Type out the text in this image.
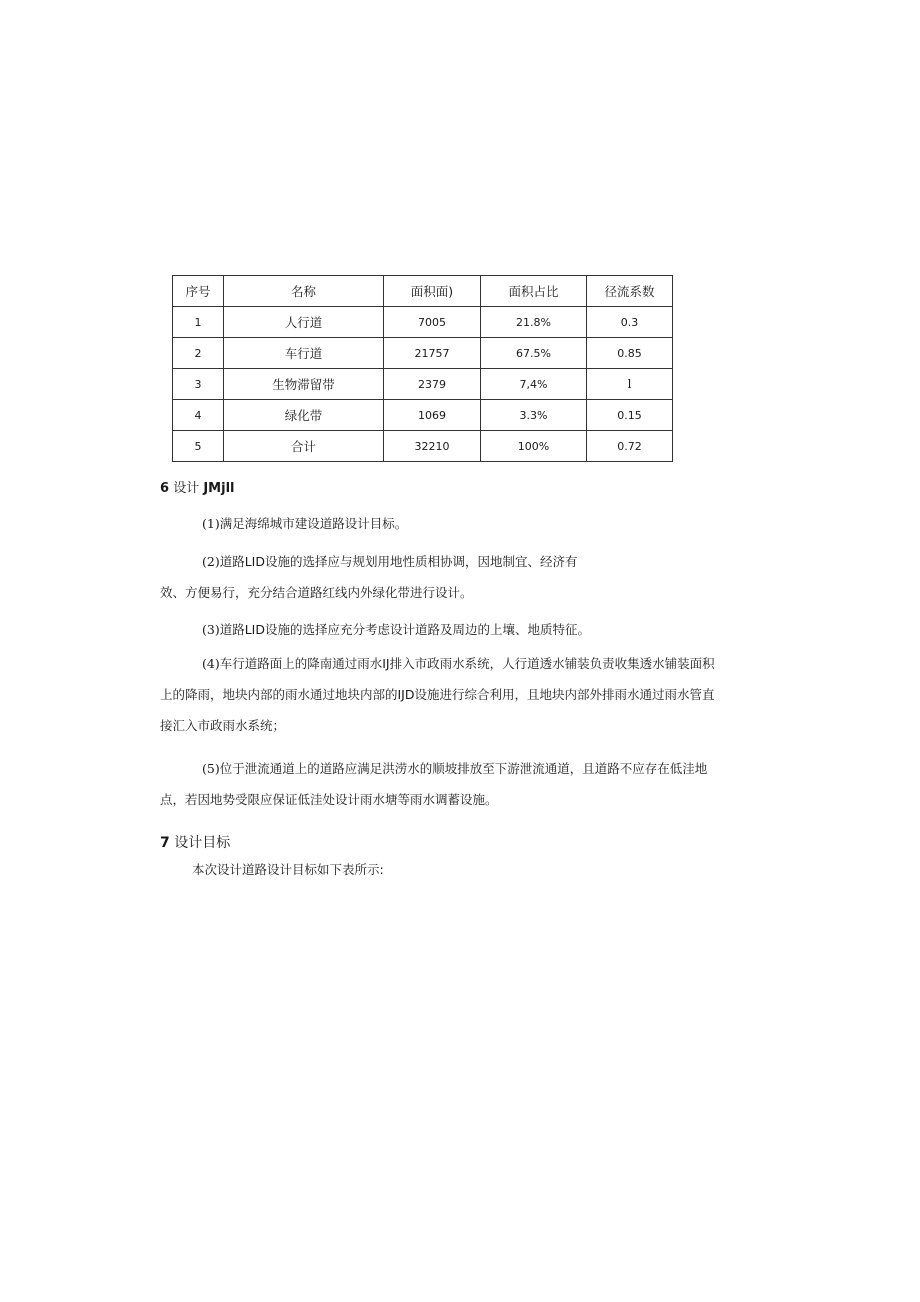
序号	名称	面积面)	面积占比	径流系数
1	人行道	7005	21.8%	0.3
2	车行道	21757	67.5%	0.85
3	生物滞留带	2379	7,4%	l
4	绿化带	1069	3.3%	0.15
5	合计	32210	100%	0.72
6 设计 JMjll

(1)满足海绵城市建设道路设计目标。

(2)道路LID设施的选择应与规划用地性质相协调，因地制宜、经济有效、方便易行，充分结合道路红线内外绿化带进行设计。

(3)道路LID设施的选择应充分考虑设计道路及周边的上壤、地质特征。

(4)车行道路面上的降南通过雨水IJ排入市政雨水系统，人行道透水铺装负责收集透水铺装面积上的降雨，地块内部的雨水通过地块内部的IJD设施进行综合利用，且地块内部外排雨水通过雨水管直接汇入市政雨水系统；

(5)位于泄流通道上的道路应满足洪涝水的顺坡排放至下游泄流通道，且道路不应存在低洼地点，若因地势受限应保证低洼处设计雨水塘等雨水调蓄设施。

7 设计目标
本次设计道路设计目标如下表所示:
